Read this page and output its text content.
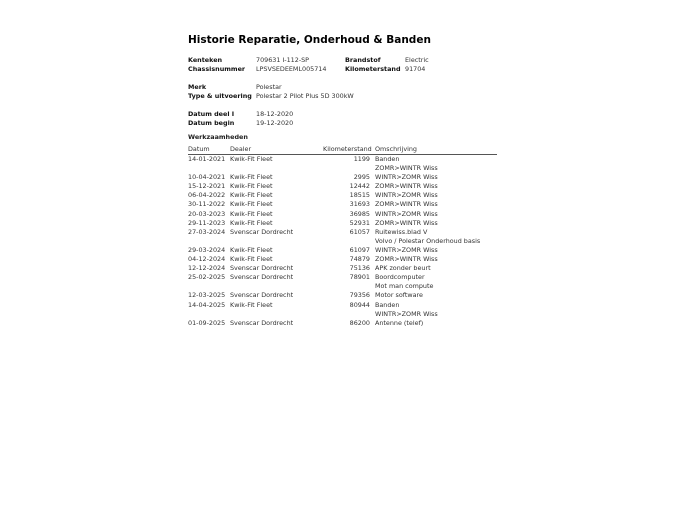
Historie Reparatie, Onderhoud & Banden
Kenteken	709631 I-112-SP	Brandstof	Electric
Chassisnummer LPSVSEDEEML005714	Kilometerstand 91704
Merk	Polestar
Type & uitvoering Polestar 2 Pilot Plus 5D 300kW
Datum deel I	18-12-2020
Datum begin	19-12-2020
Werkzaamheden
Datum	Dealer	Kilometerstand Omschrijving
14-01-2021 Kwik-Fit Fleet	1199 Banden
ZOMR>WINTR Wiss
10-04-2021 Kwik-Fit Fleet	2995 WINTR>ZOMR Wiss
15-12-2021 Kwik-Fit Fleet	12442 ZOMR>WINTR Wiss
06-04-2022 Kwik-Fit Fleet	18515 WINTR>ZOMR Wiss
30-11-2022 Kwik-Fit Fleet	31693 ZOMR>WINTR Wiss
20-03-2023 Kwik-Fit Fleet	36985 WINTR>ZOMR Wiss
29-11-2023 Kwik-Fit Fleet	52931 ZOMR>WINTR Wiss
27-03-2024 Svenscar Dordrecht	61057 Ruitewiss.blad V
Volvo / Polestar Onderhoud basis
29-03-2024 Kwik-Fit Fleet	61097 WINTR>ZOMR Wiss
04-12-2024 Kwik-Fit Fleet	74879 ZOMR>WINTR Wiss
12-12-2024 Svenscar Dordrecht	75136 APK zonder beurt
25-02-2025 Svenscar Dordrecht	78901 Boordcomputer
Mot man compute
12-03-2025 Svenscar Dordrecht	79356 Motor software
14-04-2025 Kwik-Fit Fleet	80944 Banden
WINTR>ZOMR Wiss
01-09-2025 Svenscar Dordrecht	86200 Antenne (telef)
